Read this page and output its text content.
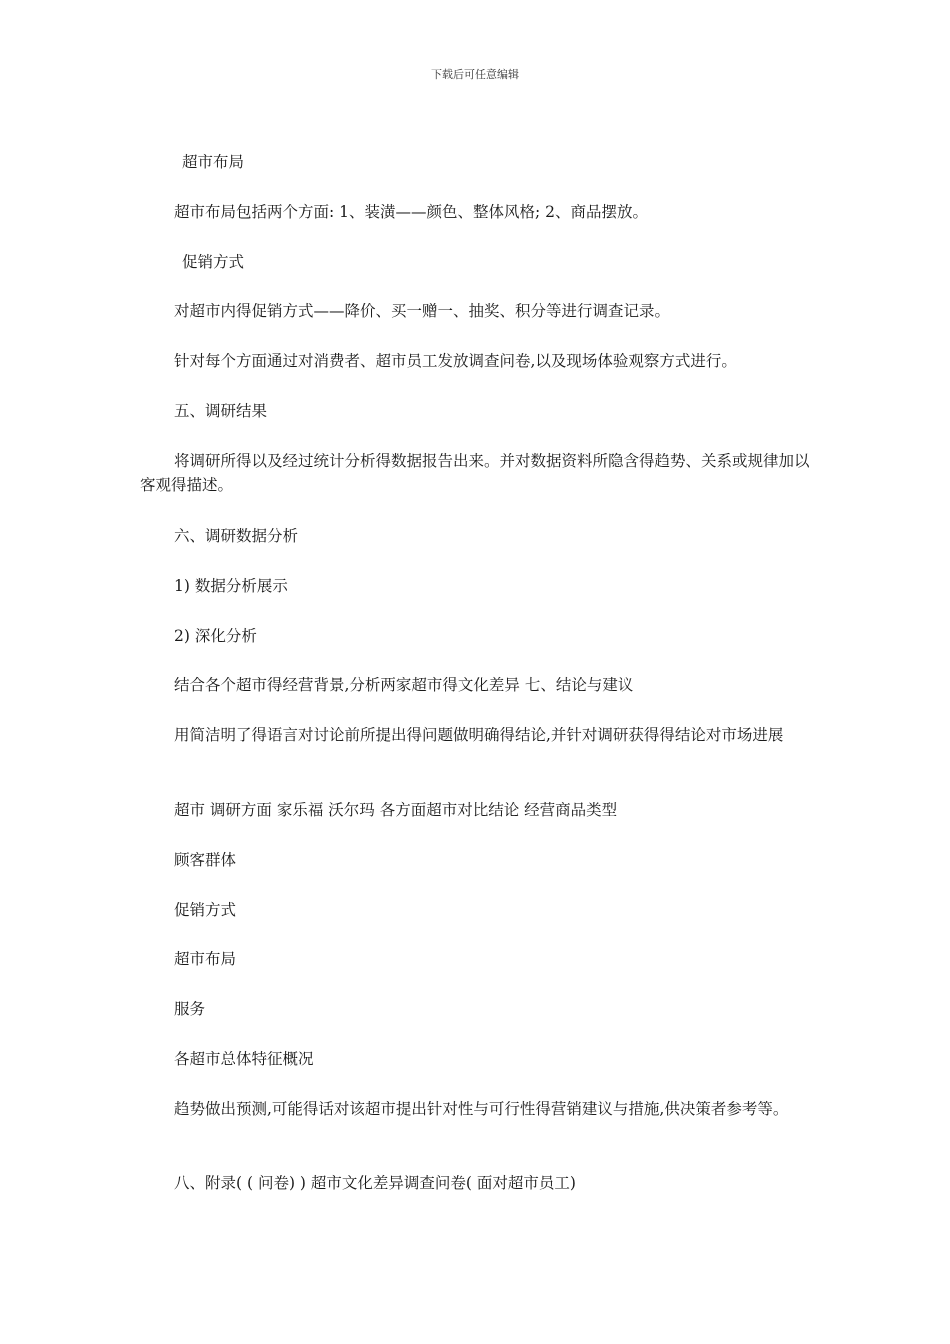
下载后可任意编辑
超市布局
超市布局包括两个方面: 1、装潢——颜色、整体风格; 2、商品摆放。
促销方式
对超市内得促销方式——降价、买一赠一、抽奖、积分等进行调查记录。
针对每个方面通过对消费者、超市员工发放调查问卷,以及现场体验观察方式进行。
五、调研结果
将调研所得以及经过统计分析得数据报告出来。并对数据资料所隐含得趋势、关系或规律加以客观得描述。
六、调研数据分析
1) 数据分析展示
2) 深化分析
结合各个超市得经营背景,分析两家超市得文化差异 七、结论与建议
用简洁明了得语言对讨论前所提出得问题做明确得结论,并针对调研获得得结论对市场进展
超市 调研方面 家乐福 沃尔玛 各方面超市对比结论 经营商品类型
顾客群体
促销方式
超市布局
服务
各超市总体特征概况
趋势做出预测,可能得话对该超市提出针对性与可行性得营销建议与措施,供决策者参考等。
八、附录( ( 问卷) ) 超市文化差异调查问卷( 面对超市员工)
